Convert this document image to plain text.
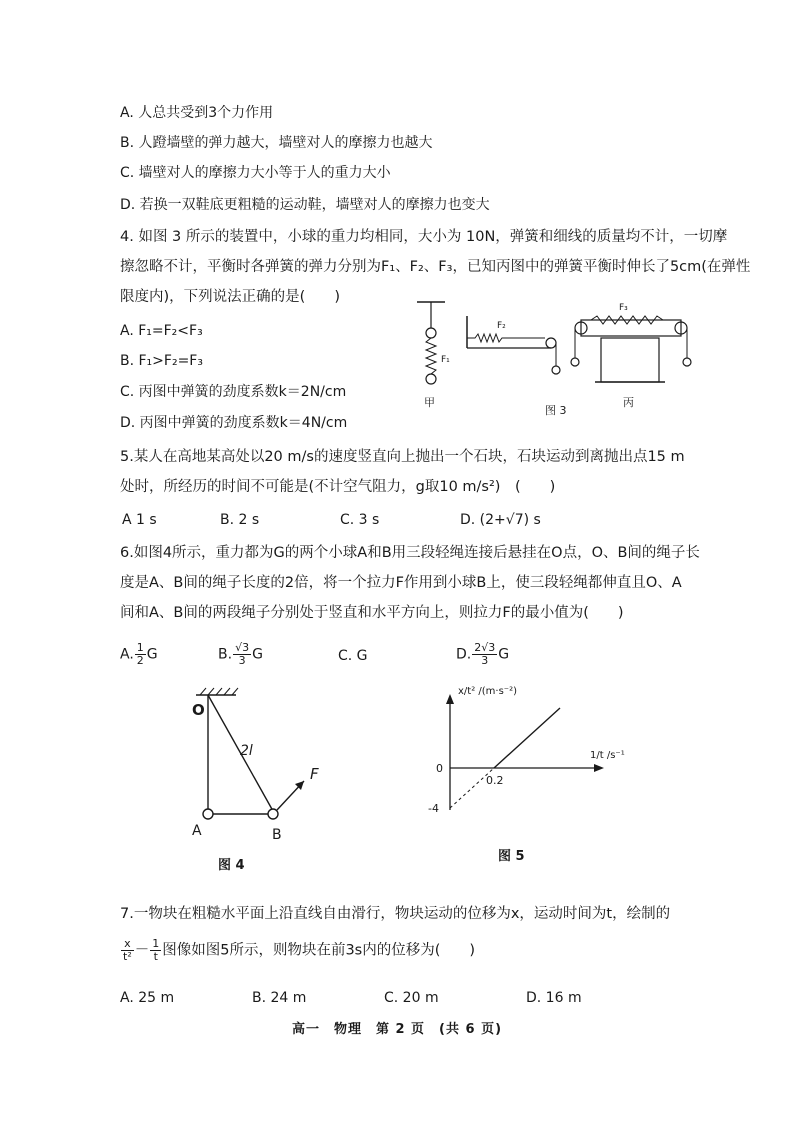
A. 人总共受到3个力作用
B. 人蹬墙壁的弹力越大，墙壁对人的摩擦力也越大
C. 墙壁对人的摩擦力大小等于人的重力大小
D. 若换一双鞋底更粗糙的运动鞋，墙壁对人的摩擦力也变大
4. 如图 3 所示的装置中，小球的重力均相同，大小为 10N，弹簧和细线的质量均不计，一切摩
擦忽略不计，平衡时各弹簧的弹力分别为F₁、F₂、F₃，已知丙图中的弹簧平衡时伸长了5cm(在弹性
限度内)，下列说法正确的是(　　)
A. F₁=F₂<F₃
B. F₁>F₂=F₃
C. 丙图中弹簧的劲度系数k＝2N/cm
D. 丙图中弹簧的劲度系数k＝4N/cm
F₁
甲
F₂
F₃
图 3
丙
5.某人在高地某高处以20 m/s的速度竖直向上抛出一个石块，石块运动到离抛出点15 m
处时，所经历的时间不可能是(不计空气阻力，g取10 m/s²)　(　　)
A 1 s	B. 2 s	C. 3 s	D. (2+√7) s
6.如图4所示，重力都为G的两个小球A和B用三段轻绳连接后悬挂在O点，O、B间的绳子长
度是A、B间的绳子长度的2倍，将一个拉力F作用到小球B上，使三段轻绳都伸直且O、A
间和A、B间的两段绳子分别处于竖直和水平方向上，则拉力F的最小值为(　　)
A. $\frac{1}{2}$ G	B. $\frac{√3}{3}$ G	C. G	D. $\frac{2√3}{3}$ G
O
A	B
F
2l
图 4
x/t² /(m·s⁻²)
1/t /s⁻¹
0
0.2
-4
图 5
7.一物块在粗糙水平面上沿直线自由滑行，物块运动的位移为x，运动时间为t，绘制的
$\frac{x}{\text{t²}} - \frac{1}{t}$ 图像如图5所示，则物块在前3s内的位移为(　　)
A. 25 m	B. 24 m	C. 20 m	D. 16 m
高一　物理　第 2 页　(共 6 页)
